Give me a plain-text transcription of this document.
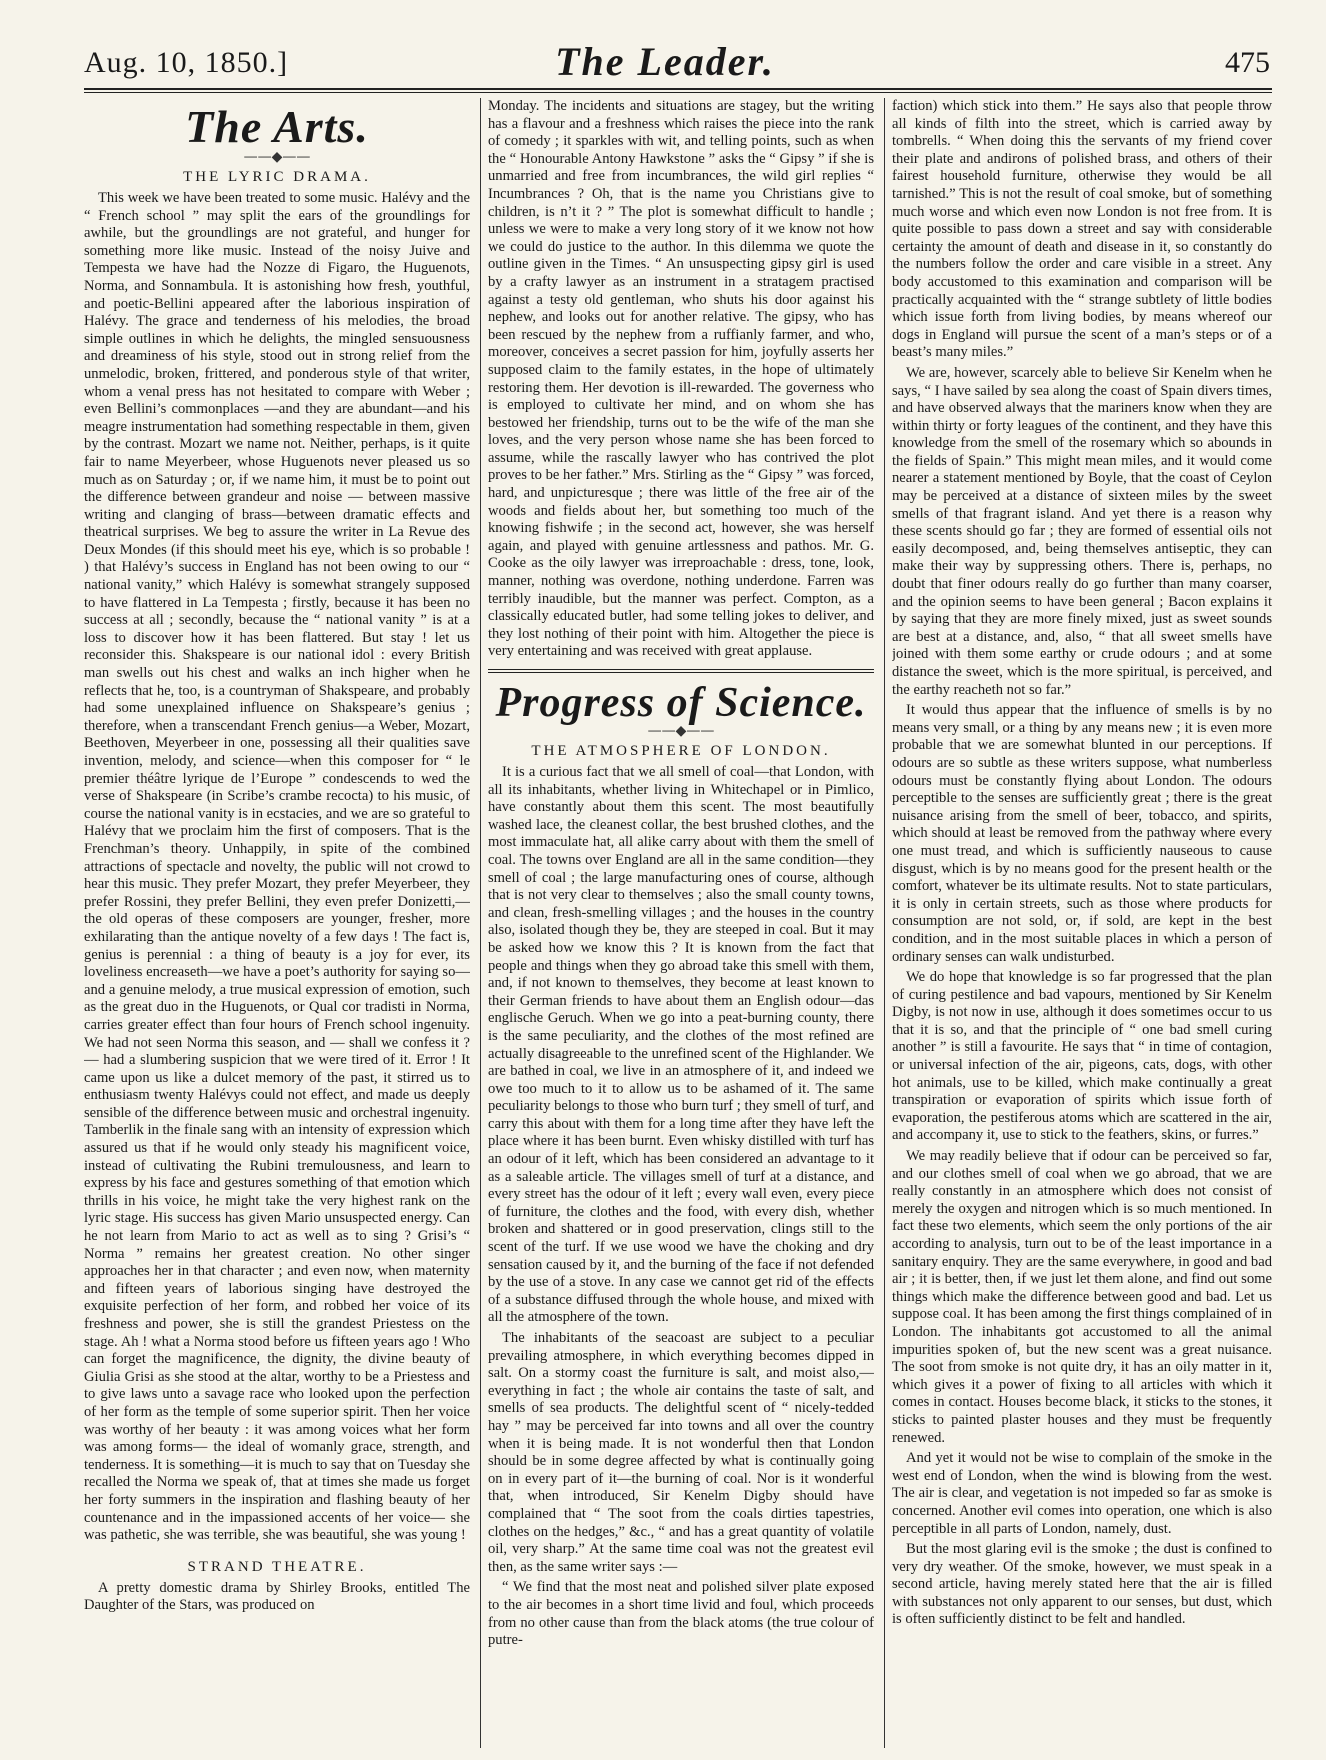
Aug. 10, 1850.]	The Leader.	475
The Arts.
——◆——
THE LYRIC DRAMA.

This week we have been treated to some music. Halévy and the “ French school ” may split the ears of the groundlings for awhile, but the groundlings are not grateful, and hunger for something more like music. Instead of the noisy Juive and Tempesta we have had the Nozze di Figaro, the Huguenots, Norma, and Sonnambula. It is astonishing how fresh, youthful, and poetic-Bellini appeared after the laborious inspiration of Halévy. The grace and tenderness of his melodies, the broad simple outlines in which he delights, the mingled sensuousness and dreaminess of his style, stood out in strong relief from the unmelodic, broken, frittered, and ponderous style of that writer, whom a venal press has not hesitated to compare with Weber ; even Bellini’s commonplaces —and they are abundant—and his meagre instrumentation had something respectable in them, given by the contrast. Mozart we name not. Neither, perhaps, is it quite fair to name Meyerbeer, whose Huguenots never pleased us so much as on Saturday ; or, if we name him, it must be to point out the difference between grandeur and noise — between massive writing and clanging of brass—between dramatic effects and theatrical surprises. We beg to assure the writer in La Revue des Deux Mondes (if this should meet his eye, which is so probable ! ) that Halévy’s success in England has not been owing to our “ national vanity,” which Halévy is somewhat strangely supposed to have flattered in La Tempesta ; firstly, because it has been no success at all ; secondly, because the “ national vanity ” is at a loss to discover how it has been flattered. But stay ! let us reconsider this. Shakspeare is our national idol : every British man swells out his chest and walks an inch higher when he reflects that he, too, is a countryman of Shakspeare, and probably had some unexplained influence on Shakspeare’s genius ; therefore, when a transcendant French genius—a Weber, Mozart, Beethoven, Meyerbeer in one, possessing all their qualities save invention, melody, and science—when this composer for “ le premier théâtre lyrique de l’Europe ” condescends to wed the verse of Shakspeare (in Scribe’s crambe recocta) to his music, of course the national vanity is in ecstacies, and we are so grateful to Halévy that we proclaim him the first of composers. That is the Frenchman’s theory. Unhappily, in spite of the combined attractions of spectacle and novelty, the public will not crowd to hear this music. They prefer Mozart, they prefer Meyerbeer, they prefer Rossini, they prefer Bellini, they even prefer Donizetti,—the old operas of these composers are younger, fresher, more exhilarating than the antique novelty of a few days ! The fact is, genius is perennial : a thing of beauty is a joy for ever, its loveliness encreaseth—we have a poet’s authority for saying so—and a genuine melody, a true musical expression of emotion, such as the great duo in the Huguenots, or Qual cor tradisti in Norma, carries greater effect than four hours of French school ingenuity. We had not seen Norma this season, and — shall we confess it ? — had a slumbering suspicion that we were tired of it. Error ! It came upon us like a dulcet memory of the past, it stirred us to enthusiasm twenty Halévys could not effect, and made us deeply sensible of the difference between music and orchestral ingenuity. Tamberlik in the finale sang with an intensity of expression which assured us that if he would only steady his magnificent voice, instead of cultivating the Rubini tremulousness, and learn to express by his face and gestures something of that emotion which thrills in his voice, he might take the very highest rank on the lyric stage. His success has given Mario unsuspected energy. Can he not learn from Mario to act as well as to sing ? Grisi’s “ Norma ” remains her greatest creation. No other singer approaches her in that character ; and even now, when maternity and fifteen years of laborious singing have destroyed the exquisite perfection of her form, and robbed her voice of its freshness and power, she is still the grandest Priestess on the stage. Ah ! what a Norma stood before us fifteen years ago ! Who can forget the magnificence, the dignity, the divine beauty of Giulia Grisi as she stood at the altar, worthy to be a Priestess and to give laws unto a savage race who looked upon the perfection of her form as the temple of some superior spirit. Then her voice was worthy of her beauty : it was among voices what her form was among forms— the ideal of womanly grace, strength, and tenderness. It is something—it is much to say that on Tuesday she recalled the Norma we speak of, that at times she made us forget her forty summers in the inspiration and flashing beauty of her countenance and in the impassioned accents of her voice— she was pathetic, she was terrible, she was beautiful, she was young !

STRAND THEATRE.

A pretty domestic drama by Shirley Brooks, entitled The Daughter of the Stars, was produced on

Monday. The incidents and situations are stagey, but the writing has a flavour and a freshness which raises the piece into the rank of comedy ; it sparkles with wit, and telling points, such as when the “ Honourable Antony Hawkstone ” asks the “ Gipsy ” if she is unmarried and free from incumbrances, the wild girl replies “ Incumbrances ? Oh, that is the name you Christians give to children, is n’t it ? ” The plot is somewhat difficult to handle ; unless we were to make a very long story of it we know not how we could do justice to the author. In this dilemma we quote the outline given in the Times. “ An unsuspecting gipsy girl is used by a crafty lawyer as an instrument in a stratagem practised against a testy old gentleman, who shuts his door against his nephew, and looks out for another relative. The gipsy, who has been rescued by the nephew from a ruffianly farmer, and who, moreover, conceives a secret passion for him, joyfully asserts her supposed claim to the family estates, in the hope of ultimately restoring them. Her devotion is ill-rewarded. The governess who is employed to cultivate her mind, and on whom she has bestowed her friendship, turns out to be the wife of the man she loves, and the very person whose name she has been forced to assume, while the rascally lawyer who has contrived the plot proves to be her father.” Mrs. Stirling as the “ Gipsy ” was forced, hard, and unpicturesque ; there was little of the free air of the woods and fields about her, but something too much of the knowing fishwife ; in the second act, however, she was herself again, and played with genuine artlessness and pathos. Mr. G. Cooke as the oily lawyer was irreproachable : dress, tone, look, manner, nothing was overdone, nothing underdone. Farren was terribly inaudible, but the manner was perfect. Compton, as a classically educated butler, had some telling jokes to deliver, and they lost nothing of their point with him. Altogether the piece is very entertaining and was received with great applause.

Progress of Science.
——◆——
THE ATMOSPHERE OF LONDON.

It is a curious fact that we all smell of coal—that London, with all its inhabitants, whether living in Whitechapel or in Pimlico, have constantly about them this scent. The most beautifully washed lace, the cleanest collar, the best brushed clothes, and the most immaculate hat, all alike carry about with them the smell of coal. The towns over England are all in the same condition—they smell of coal ; the large manufacturing ones of course, although that is not very clear to themselves ; also the small county towns, and clean, fresh-smelling villages ; and the houses in the country also, isolated though they be, they are steeped in coal. But it may be asked how we know this ? It is known from the fact that people and things when they go abroad take this smell with them, and, if not known to themselves, they become at least known to their German friends to have about them an English odour—das englische Geruch. When we go into a peat-burning county, there is the same peculiarity, and the clothes of the most refined are actually disagreeable to the unrefined scent of the Highlander. We are bathed in coal, we live in an atmosphere of it, and indeed we owe too much to it to allow us to be ashamed of it. The same peculiarity belongs to those who burn turf ; they smell of turf, and carry this about with them for a long time after they have left the place where it has been burnt. Even whisky distilled with turf has an odour of it left, which has been considered an advantage to it as a saleable article. The villages smell of turf at a distance, and every street has the odour of it left ; every wall even, every piece of furniture, the clothes and the food, with every dish, whether broken and shattered or in good preservation, clings still to the scent of the turf. If we use wood we have the choking and dry sensation caused by it, and the burning of the face if not defended by the use of a stove. In any case we cannot get rid of the effects of a substance diffused through the whole house, and mixed with all the atmosphere of the town.

The inhabitants of the seacoast are subject to a peculiar prevailing atmosphere, in which everything becomes dipped in salt. On a stormy coast the furniture is salt, and moist also,—everything in fact ; the whole air contains the taste of salt, and smells of sea products. The delightful scent of “ nicely-tedded hay ” may be perceived far into towns and all over the country when it is being made. It is not wonderful then that London should be in some degree affected by what is continually going on in every part of it—the burning of coal. Nor is it wonderful that, when introduced, Sir Kenelm Digby should have complained that “ The soot from the coals dirties tapestries, clothes on the hedges,” &c., “ and has a great quantity of volatile oil, very sharp.” At the same time coal was not the greatest evil then, as the same writer says :—

“ We find that the most neat and polished silver plate exposed to the air becomes in a short time livid and foul, which proceeds from no other cause than from the black atoms (the true colour of putre-

faction) which stick into them.” He says also that people throw all kinds of filth into the street, which is carried away by tombrells. “ When doing this the servants of my friend cover their plate and andirons of polished brass, and others of their fairest household furniture, otherwise they would be all tarnished.” This is not the result of coal smoke, but of something much worse and which even now London is not free from. It is quite possible to pass down a street and say with considerable certainty the amount of death and disease in it, so constantly do the numbers follow the order and care visible in a street. Any body accustomed to this examination and comparison will be practically acquainted with the “ strange subtlety of little bodies which issue forth from living bodies, by means whereof our dogs in England will pursue the scent of a man’s steps or of a beast’s many miles.”

We are, however, scarcely able to believe Sir Kenelm when he says, “ I have sailed by sea along the coast of Spain divers times, and have observed always that the mariners know when they are within thirty or forty leagues of the continent, and they have this knowledge from the smell of the rosemary which so abounds in the fields of Spain.” This might mean miles, and it would come nearer a statement mentioned by Boyle, that the coast of Ceylon may be perceived at a distance of sixteen miles by the sweet smells of that fragrant island. And yet there is a reason why these scents should go far ; they are formed of essential oils not easily decomposed, and, being themselves antiseptic, they can make their way by suppressing others. There is, perhaps, no doubt that finer odours really do go further than many coarser, and the opinion seems to have been general ; Bacon explains it by saying that they are more finely mixed, just as sweet sounds are best at a distance, and, also, “ that all sweet smells have joined with them some earthy or crude odours ; and at some distance the sweet, which is the more spiritual, is perceived, and the earthy reacheth not so far.”

It would thus appear that the influence of smells is by no means very small, or a thing by any means new ; it is even more probable that we are somewhat blunted in our perceptions. If odours are so subtle as these writers suppose, what numberless odours must be constantly flying about London. The odours perceptible to the senses are sufficiently great ; there is the great nuisance arising from the smell of beer, tobacco, and spirits, which should at least be removed from the pathway where every one must tread, and which is sufficiently nauseous to cause disgust, which is by no means good for the present health or the comfort, whatever be its ultimate results. Not to state particulars, it is only in certain streets, such as those where products for consumption are not sold, or, if sold, are kept in the best condition, and in the most suitable places in which a person of ordinary senses can walk undisturbed.

We do hope that knowledge is so far progressed that the plan of curing pestilence and bad vapours, mentioned by Sir Kenelm Digby, is not now in use, although it does sometimes occur to us that it is so, and that the principle of “ one bad smell curing another ” is still a favourite. He says that “ in time of contagion, or universal infection of the air, pigeons, cats, dogs, with other hot animals, use to be killed, which make continually a great transpiration or evaporation of spirits which issue forth of evaporation, the pestiferous atoms which are scattered in the air, and accompany it, use to stick to the feathers, skins, or furres.”

We may readily believe that if odour can be perceived so far, and our clothes smell of coal when we go abroad, that we are really constantly in an atmosphere which does not consist of merely the oxygen and nitrogen which is so much mentioned. In fact these two elements, which seem the only portions of the air according to analysis, turn out to be of the least importance in a sanitary enquiry. They are the same everywhere, in good and bad air ; it is better, then, if we just let them alone, and find out some things which make the difference between good and bad. Let us suppose coal. It has been among the first things complained of in London. The inhabitants got accustomed to all the animal impurities spoken of, but the new scent was a great nuisance. The soot from smoke is not quite dry, it has an oily matter in it, which gives it a power of fixing to all articles with which it comes in contact. Houses become black, it sticks to the stones, it sticks to painted plaster houses and they must be frequently renewed.

And yet it would not be wise to complain of the smoke in the west end of London, when the wind is blowing from the west. The air is clear, and vegetation is not impeded so far as smoke is concerned. Another evil comes into operation, one which is also perceptible in all parts of London, namely, dust.

But the most glaring evil is the smoke ; the dust is confined to very dry weather. Of the smoke, however, we must speak in a second article, having merely stated here that the air is filled with substances not only apparent to our senses, but dust, which is often sufficiently distinct to be felt and handled.
